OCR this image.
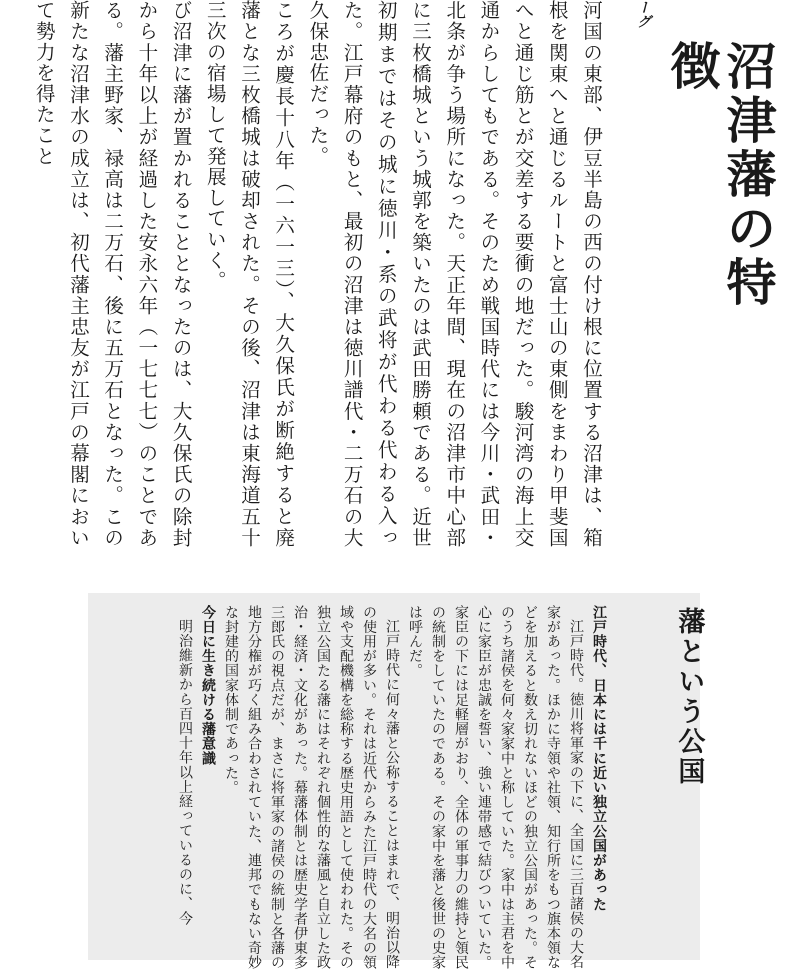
ーグ
沼津藩の特徴

河国の東部、伊豆半島の西の付け根に位置する沼津は、箱根を関東へと通じるルートと富士山の東側をまわり甲斐国へと通じ筋とが交差する要衝の地だった。駿河湾の海上交通からしてもである。そのため戦国時代には今川・武田・北条が争う場所になった。天正年間、現在の沼津市中心部に三枚橋城という城郭を築いたのは武田勝頼である。近世初期まではその城に徳川・系の武将が代わる代わる入った。江戸幕府のもと、最初の沼津は徳川譜代・二万石の大久保忠佐だった。

ころが慶長十八年（一六一三）、大久保氏が断絶すると廃藩とな三枚橋城は破却された。その後、沼津は東海道五十三次の宿場して発展していく。

び沼津に藩が置かれることとなったのは、大久保氏の除封から十年以上が経過した安永六年（一七七七）のことである。藩主野家、禄高は二万石、後に五万石となった。この新たな沼津水の成立は、初代藩主忠友が江戸の幕閣において勢力を得たこと

藩という公国

江戸時代、日本には千に近い独立公国があった

江戸時代。徳川将軍家の下に、全国に三百諸侯の大名家があった。ほかに寺領や社領、知行所をもつ旗本領などを加えると数え切れないほどの独立公国があった。そのうち諸侯を何々家家中と称していた。家中は主君を中心に家臣が忠誠を誓い、強い連帯感で結びついていた。家臣の下には足軽層がおり、全体の軍事力の維持と領民の統制をしていたのである。その家中を藩と後世の史家は呼んだ。

江戸時代に何々藩と公称することはまれで、明治以降の使用が多い。それは近代からみた江戸時代の大名の領域や支配機構を総称する歴史用語として使われた。その独立公国たる藩にはそれぞれ個性的な藩風と自立した政治・経済・文化があった。幕藩体制とは歴史学者伊東多三郎氏の視点だが、まさに将軍家の諸侯の統制と各藩の地方分権が巧く組み合わされていた、連邦でもない奇妙な封建的国家体制であった。

今日に生き続ける藩意識

明治維新から百四十年以上経っているのに、今
